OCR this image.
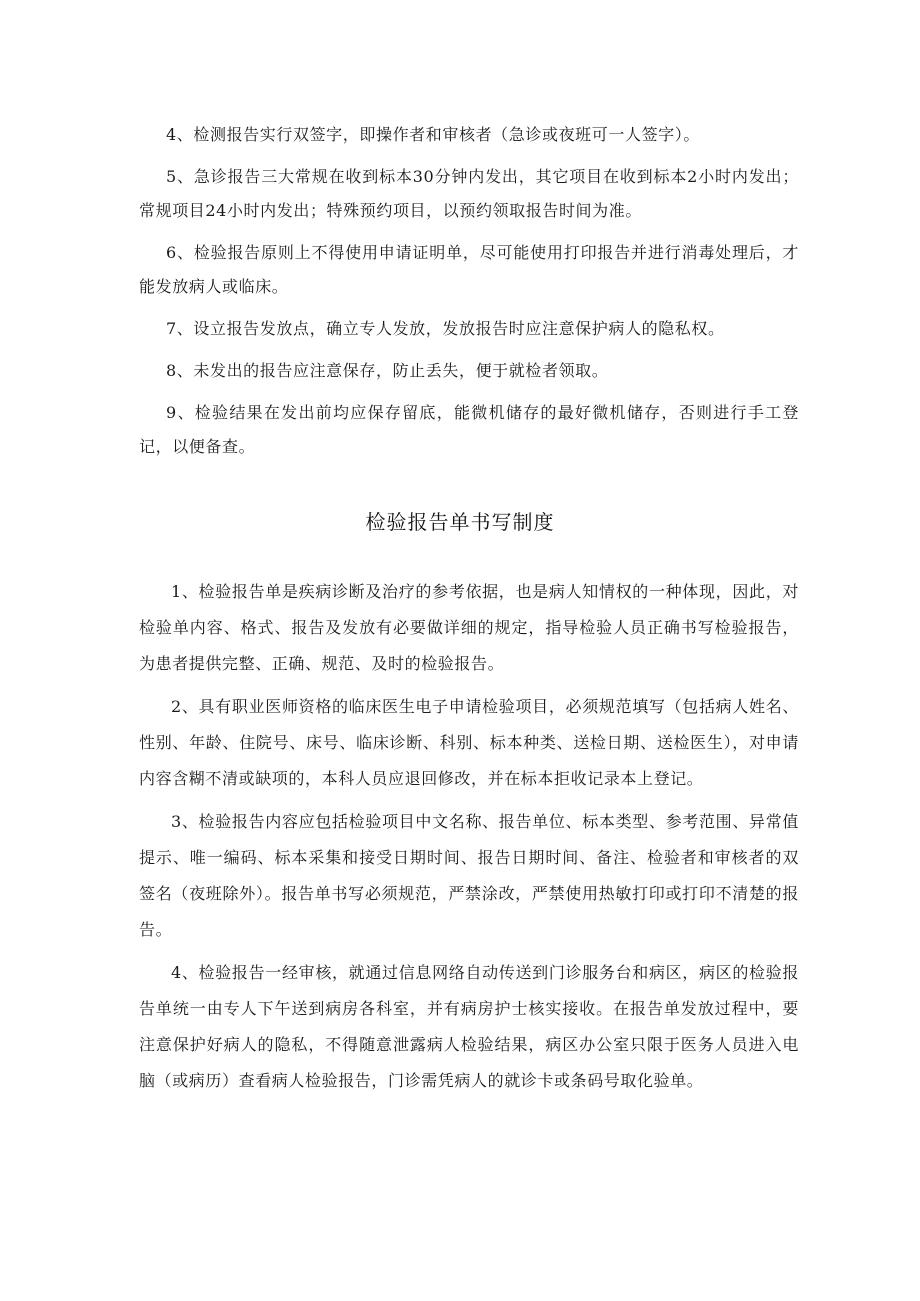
4、检测报告实行双签字，即操作者和审核者（急诊或夜班可一人签字）。

5、急诊报告三大常规在收到标本30分钟内发出，其它项目在收到标本2小时内发出；常规项目24小时内发出；特殊预约项目，以预约领取报告时间为准。

6、检验报告原则上不得使用申请证明单，尽可能使用打印报告并进行消毒处理后，才能发放病人或临床。

7、设立报告发放点，确立专人发放，发放报告时应注意保护病人的隐私权。

8、未发出的报告应注意保存，防止丢失，便于就检者领取。

9、检验结果在发出前均应保存留底，能微机储存的最好微机储存，否则进行手工登记，以便备查。

检验报告单书写制度

1、检验报告单是疾病诊断及治疗的参考依据，也是病人知情权的一种体现，因此，对检验单内容、格式、报告及发放有必要做详细的规定，指导检验人员正确书写检验报告，为患者提供完整、正确、规范、及时的检验报告。

2、具有职业医师资格的临床医生电子申请检验项目，必须规范填写（包括病人姓名、性别、年龄、住院号、床号、临床诊断、科别、标本种类、送检日期、送检医生），对申请内容含糊不清或缺项的，本科人员应退回修改，并在标本拒收记录本上登记。

3、检验报告内容应包括检验项目中文名称、报告单位、标本类型、参考范围、异常值提示、唯一编码、标本采集和接受日期时间、报告日期时间、备注、检验者和审核者的双签名（夜班除外）。报告单书写必须规范，严禁涂改，严禁使用热敏打印或打印不清楚的报告。

4、检验报告一经审核，就通过信息网络自动传送到门诊服务台和病区，病区的检验报告单统一由专人下午送到病房各科室，并有病房护士核实接收。在报告单发放过程中，要注意保护好病人的隐私，不得随意泄露病人检验结果，病区办公室只限于医务人员进入电脑（或病历）查看病人检验报告，门诊需凭病人的就诊卡或条码号取化验单。
